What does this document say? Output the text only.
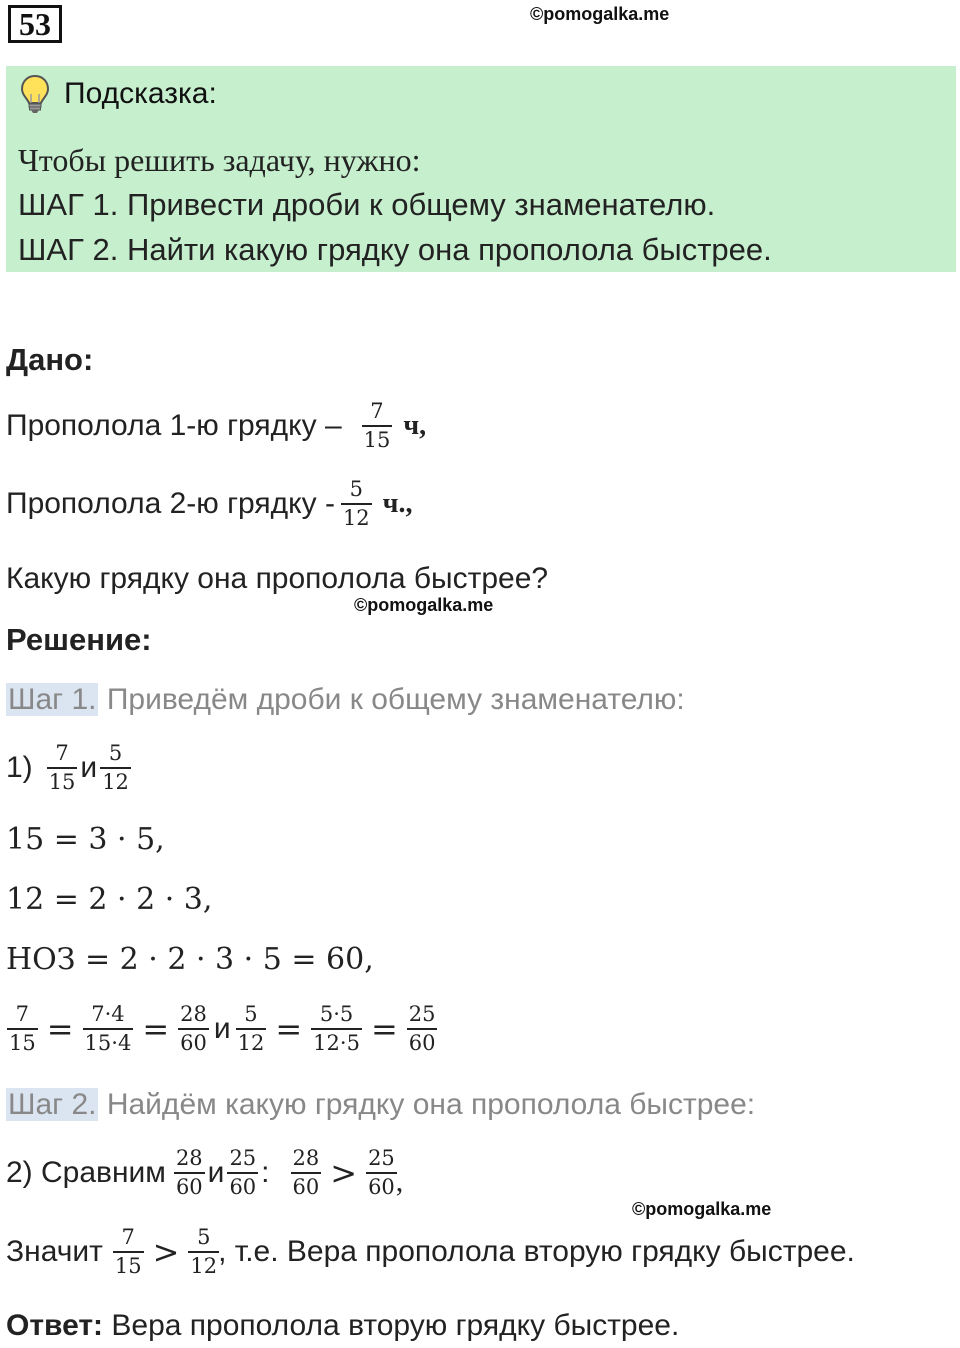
53	©pomogalka.me
Подсказка:
Чтобы решить задачу, нужно:
ШАГ 1. Привести дроби к общему знаменателю.
ШАГ 2. Найти какую грядку она прополола быстрее.
Дано:
Прополола 1-ю грядку – $\frac{7}{15} ч$,
Прополола 2-ю грядку - $\frac{5}{12} ч$.,
Какую грядку она прополола быстрее?
©pomogalka.me
Решение:
Шаг 1. Приведём дроби к общему знаменателю:
$1) \frac{7}{15}$ и $\frac{5}{12}$
15 = 3 · 5,
12 = 2 · 2 · 3,
НОЗ = 2 · 2 · 3 · 5 = 60,
$\frac{7}{15} = \frac{7\cdot 4}{15\cdot 4} = \frac{28}{60}$ и $\frac{5}{12} = \frac{5\cdot 5}{12\cdot 5} = \frac{25}{60}$
Шаг 2. Найдём какую грядку она прополола быстрее:
2) Сравним $\frac{28}{60}$ и $\frac{25}{60}$ : $\frac{28}{60} > \frac{25}{60}$ ,
©pomogalka.me
Значит $\frac{7}{15} > \frac{5}{12}$ , т.е. Вера прополола вторую грядку быстрее.
Ответ: Вера прополола вторую грядку быстрее.
